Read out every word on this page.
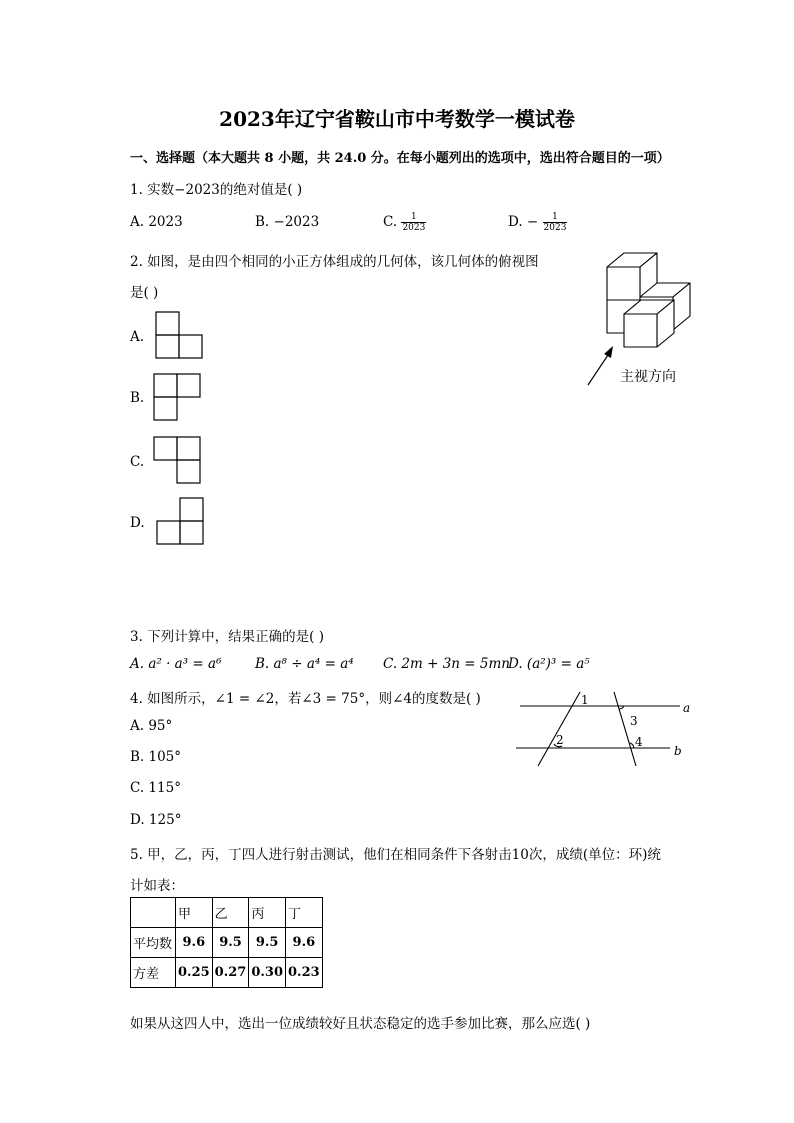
2023年辽宁省鞍山市中考数学一模试卷
一、选择题（本大题共 8 小题，共 24.0 分。在每小题列出的选项中，选出符合题目的一项）
1. 实数−2023的绝对值是( )
A. 2023	B. −2023	C. $\frac{1}{2023}$	D. − $\frac{1}{2023}$
2. 如图，是由四个相同的小正方体组成的几何体，该几何体的俯视图
是( )
A.
B.
C.
D.
主视方向
3. 下列计算中，结果正确的是( )
A. a² · a³ = a⁶ B. a⁸ ÷ a⁴ = a⁴ C. 2m + 3n = 5mn
D. (a²)³ = a⁵
4. 如图所示，∠1 = ∠2，若∠3 = 75°，则∠4的度数是( )
A. 95°
B. 105°
C. 115°
D. 125°
1
2
3
4
a
b
5. 甲，乙，丙，丁四人进行射击测试，他们在相同条件下各射击10次，成绩(单位：环)统
计如表：
	甲	乙	丙	丁
平均数	9.6	9.5	9.5	9.6
方差	0.25	0.27	0.30	0.23
如果从这四人中，选出一位成绩较好且状态稳定的选手参加比赛，那么应选( )
